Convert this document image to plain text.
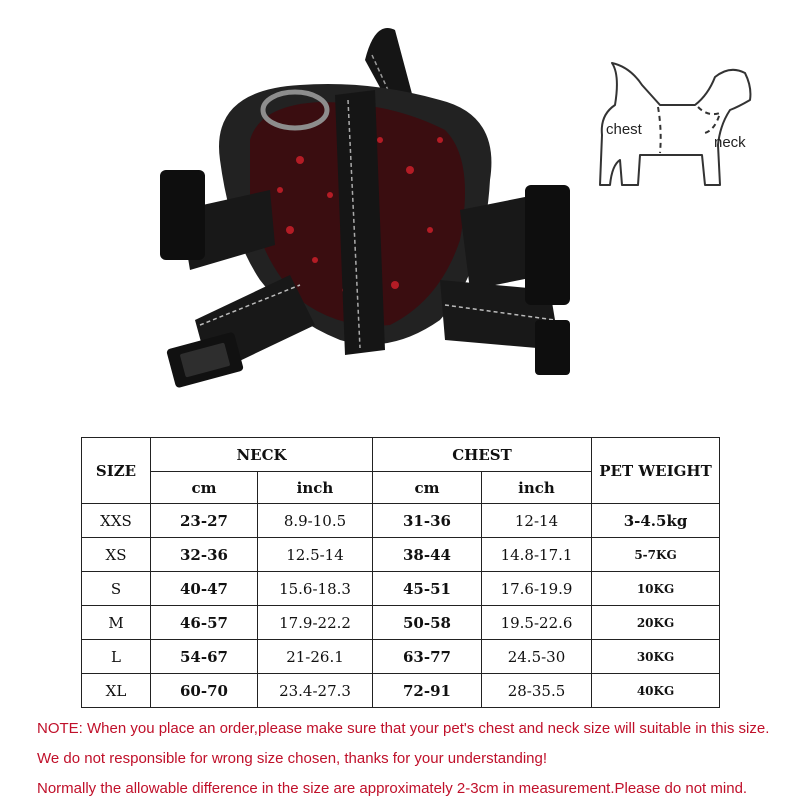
chest
neck
SIZE	NECK		CHEST		PET WEIGHT
	cm	inch	cm	inch	
XXS	23-27	8.9-10.5	31-36	12-14	3-4.5kg
XS	32-36	12.5-14	38-44	14.8-17.1	5-7KG
S	40-47	15.6-18.3	45-51	17.6-19.9	10KG
M	46-57	17.9-22.2	50-58	19.5-22.6	20KG
L	54-67	21-26.1	63-77	24.5-30	30KG
XL	60-70	23.4-27.3	72-91	28-35.5	40KG

NOTE: When you place an order,please make sure that your pet's chest and neck size will suitable in this size.

We do not responsible for wrong size chosen, thanks for your understanding!

Normally the allowable difference in the size are approximately 2-3cm in measurement.Please do not mind.
